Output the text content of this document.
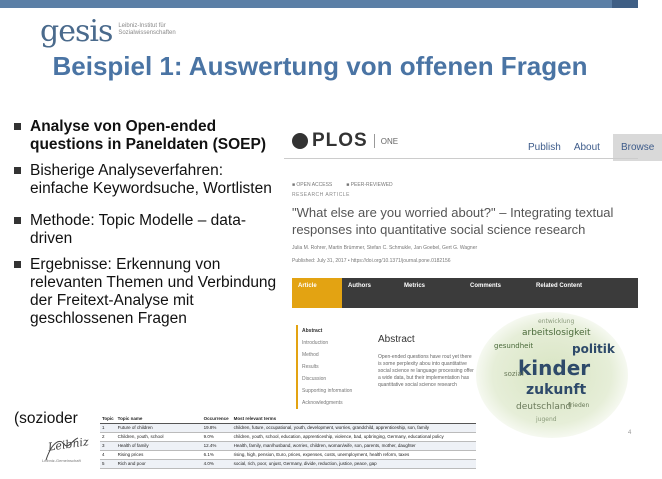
gesis Leibniz-Institut für Sozialwissenschaften
Beispiel 1: Auswertung von offenen Fragen
Analyse von Open-ended questions in Paneldaten (SOEP)
Bisherige Analyseverfahren: einfache Keywordsuche, Wortlisten
Methode: Topic Modelle – data-driven
Ergebnisse: Erkennung von relevanten Themen und Verbindung der Freitext-Analyse mit geschlossenen Fragen
PLOS ONE
Publish About	Browse
■ OPEN ACCESS	■ PEER-REVIEWED
RESEARCH ARTICLE
"What else are you worried about?" – Integrating textual responses into quantitative social science research
Julia M. Rohrer, Martin Brümmer, Stefan C. Schmukle, Jan Goebel, Gert G. Wagner
Published: July 31, 2017 • https://doi.org/10.1371/journal.pone.0182156
Article	Authors	Metrics	Comments	Related Content
Abstract
Introduction
Method
Results
Discussion
Supporting information
Acknowledgments
Abstract
Open-ended questions have rout yet there is some perplexity abou into quantitative social science re language processing offer a wide data, but their implementation has quantitative social science research
entwicklung
arbeitslosigkeit
gesundheit	politik
kinder
sozial
zukunft
deutschland
frieden
jugend
(sozioder	Topic	Topic name	Occurrence	Most relevant terms
1	Future of children	19.8%	children, future, occupational, youth, development, worries, grandchild, apprenticeship, son, family
2	Children, youth, school	9.0%	children, youth, school, education, apprenticeship, violence, bad, upbringing, Germany, educational policy
3	Health of family	12.4%	Health, family, man/husband, worries, children, woman/wife, son, parents, mother, daughter
4	Rising prices	6.1%	rising, high, pension, Euro, prices, expenses, costs, unemployment, health reform, taxes
5	Rich and poor	4.0%	social, rich, poor, unjust, Germany, divide, reduction, justice, peace, gap
Leibniz
Leibniz-Gemeinschaft
4
